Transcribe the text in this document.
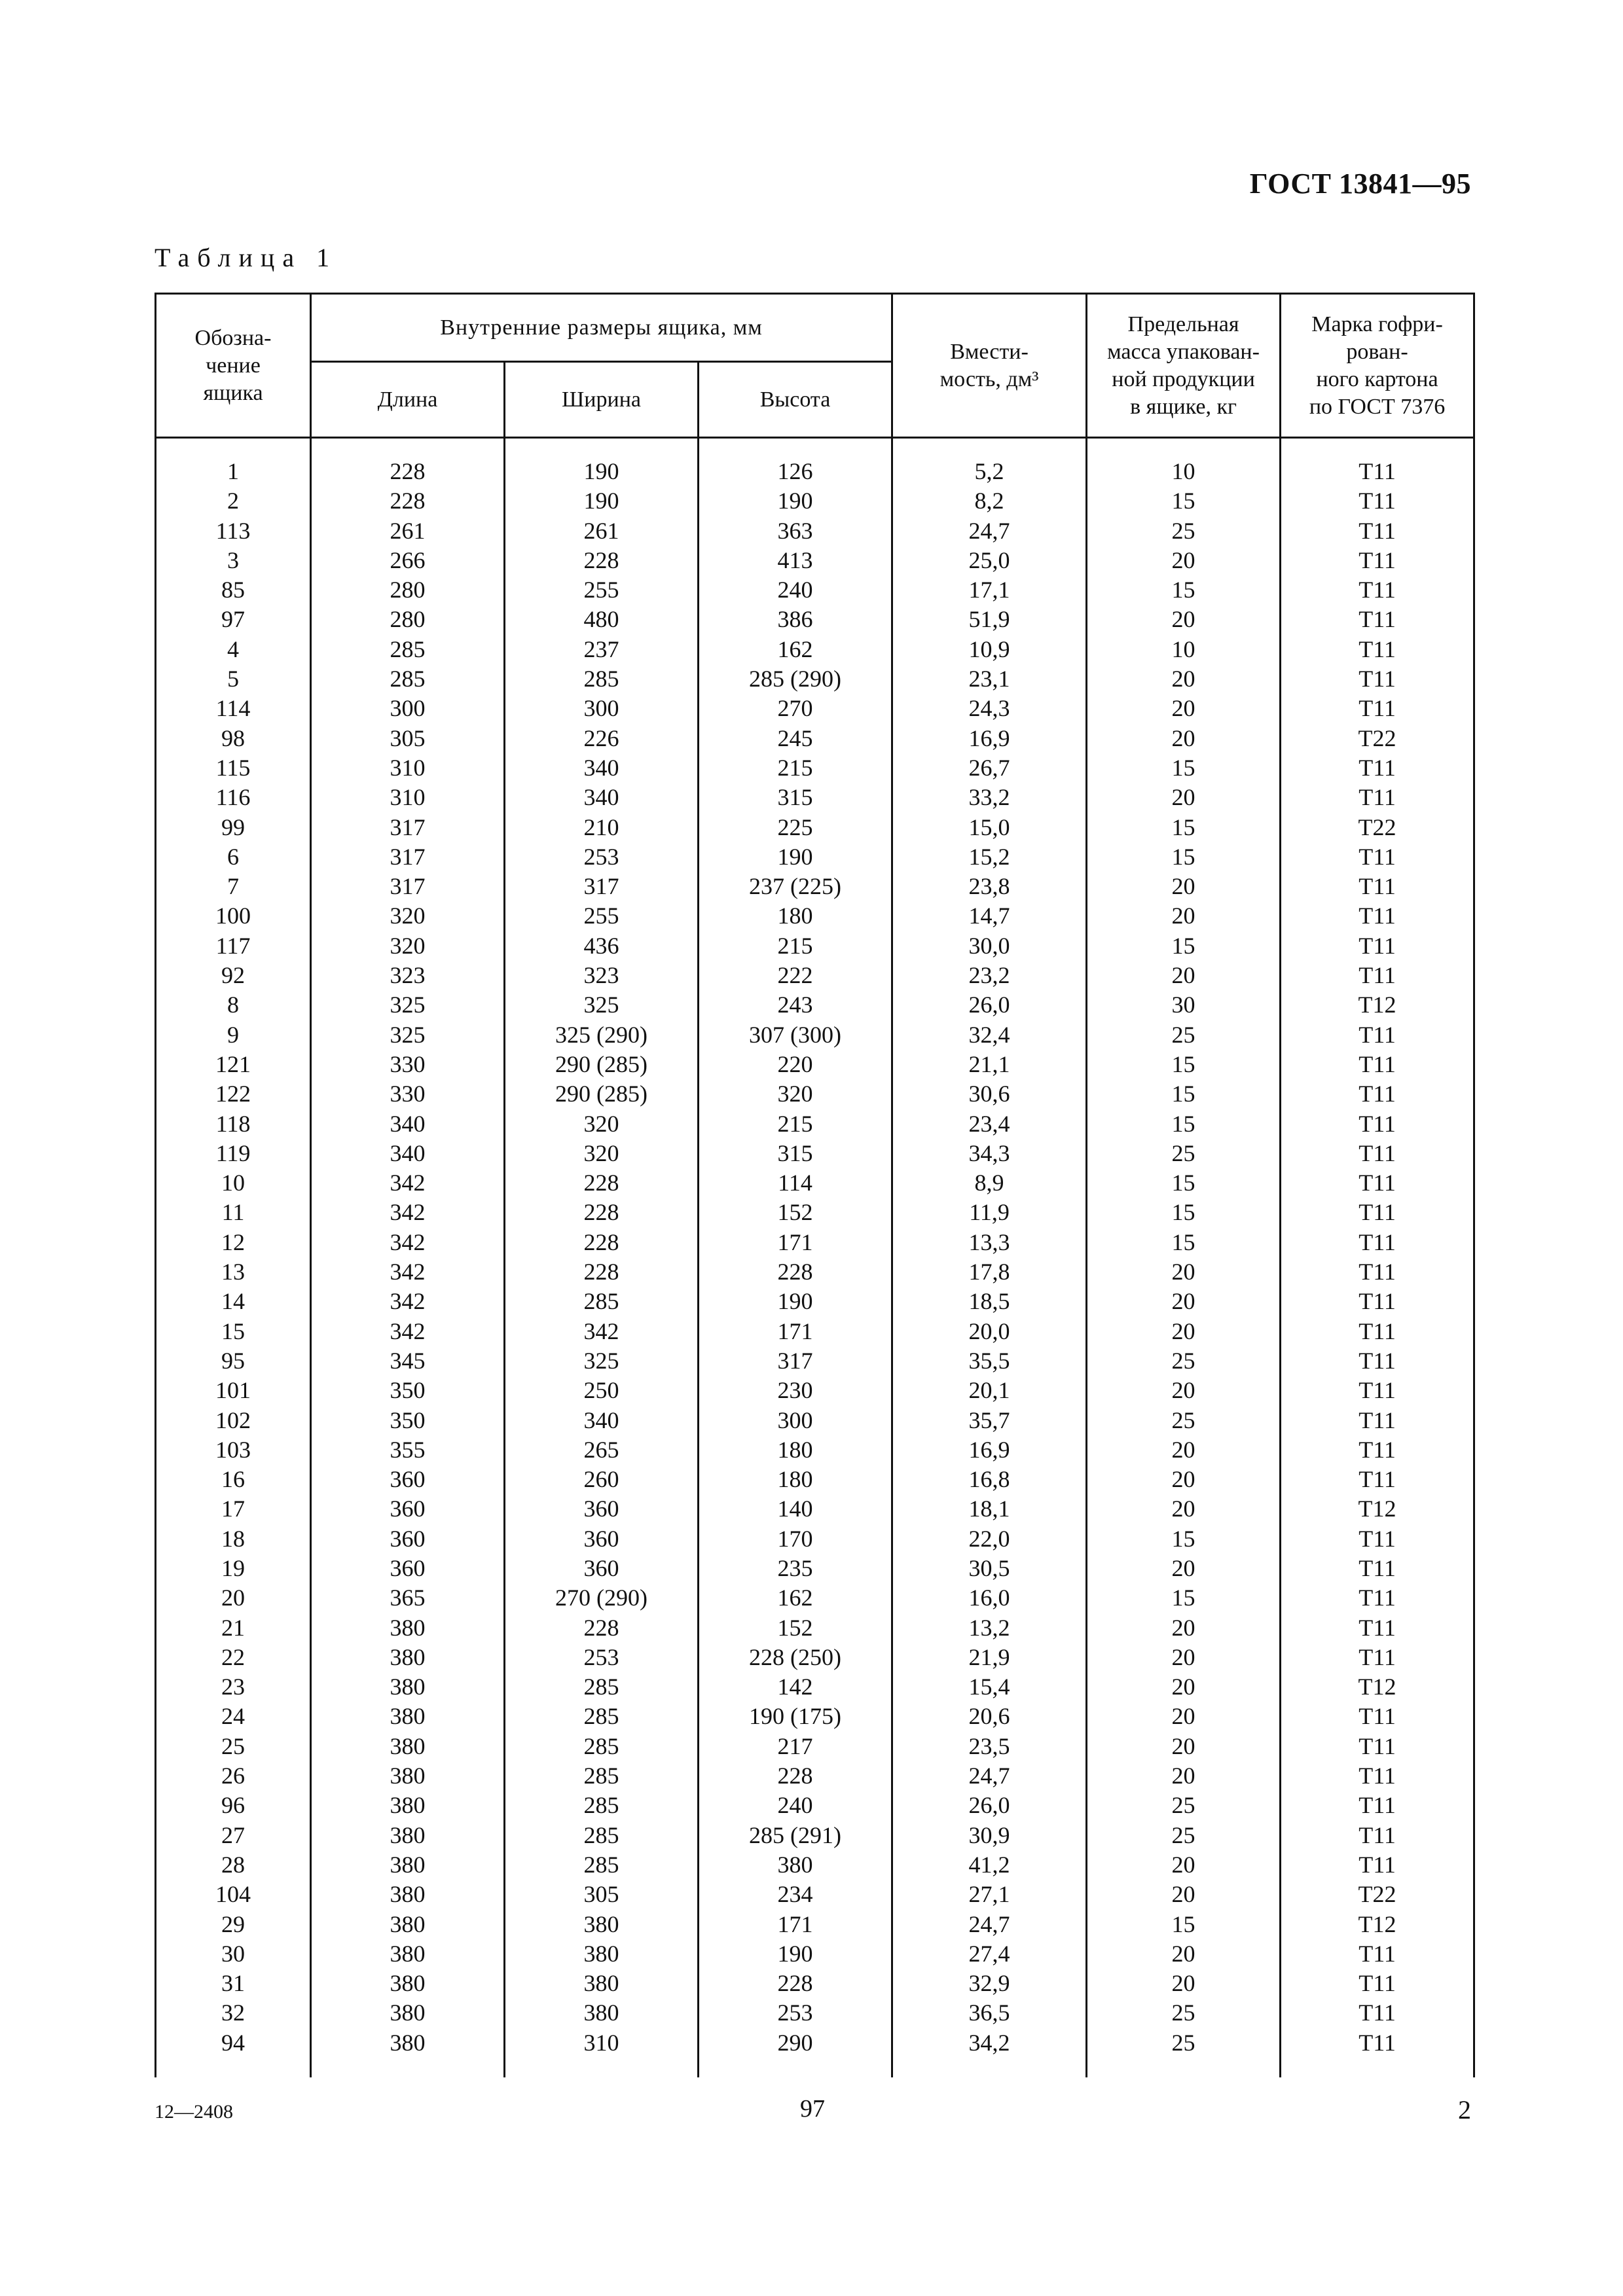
ГОСТ 13841—95
Таблица 1
Обозна-
чение
ящика	Внутренние размеры ящика, мм			Вмести-
мость, дм³	Предельная
масса упакован-
ной продукции
в ящике, кг	Марка гофри-
рован-
ного картона
по ГОСТ 7376
	Длина	Ширина	Высота			

1	228	190	126	5,2	10	Т11
2	228	190	190	8,2	15	Т11
113	261	261	363	24,7	25	Т11
3	266	228	413	25,0	20	Т11
85	280	255	240	17,1	15	Т11
97	280	480	386	51,9	20	Т11
4	285	237	162	10,9	10	Т11
5	285	285	285 (290)	23,1	20	Т11
114	300	300	270	24,3	20	Т11
98	305	226	245	16,9	20	Т22
115	310	340	215	26,7	15	Т11
116	310	340	315	33,2	20	Т11
99	317	210	225	15,0	15	Т22
6	317	253	190	15,2	15	Т11
7	317	317	237 (225)	23,8	20	Т11
100	320	255	180	14,7	20	Т11
117	320	436	215	30,0	15	Т11
92	323	323	222	23,2	20	Т11
8	325	325	243	26,0	30	Т12
9	325	325 (290)	307 (300)	32,4	25	Т11
121	330	290 (285)	220	21,1	15	Т11
122	330	290 (285)	320	30,6	15	Т11
118	340	320	215	23,4	15	Т11
119	340	320	315	34,3	25	Т11
10	342	228	114	8,9	15	Т11
11	342	228	152	11,9	15	Т11
12	342	228	171	13,3	15	Т11
13	342	228	228	17,8	20	Т11
14	342	285	190	18,5	20	Т11
15	342	342	171	20,0	20	Т11
95	345	325	317	35,5	25	Т11
101	350	250	230	20,1	20	Т11
102	350	340	300	35,7	25	Т11
103	355	265	180	16,9	20	Т11
16	360	260	180	16,8	20	Т11
17	360	360	140	18,1	20	Т12
18	360	360	170	22,0	15	Т11
19	360	360	235	30,5	20	Т11
20	365	270 (290)	162	16,0	15	Т11
21	380	228	152	13,2	20	Т11
22	380	253	228 (250)	21,9	20	Т11
23	380	285	142	15,4	20	Т12
24	380	285	190 (175)	20,6	20	Т11
25	380	285	217	23,5	20	Т11
26	380	285	228	24,7	20	Т11
96	380	285	240	26,0	25	Т11
27	380	285	285 (291)	30,9	25	Т11
28	380	285	380	41,2	20	Т11
104	380	305	234	27,1	20	Т22
29	380	380	171	24,7	15	Т12
30	380	380	190	27,4	20	Т11
31	380	380	228	32,9	20	Т11
32	380	380	253	36,5	25	Т11
94	380	310	290	34,2	25	Т11

12—2408	97	2
